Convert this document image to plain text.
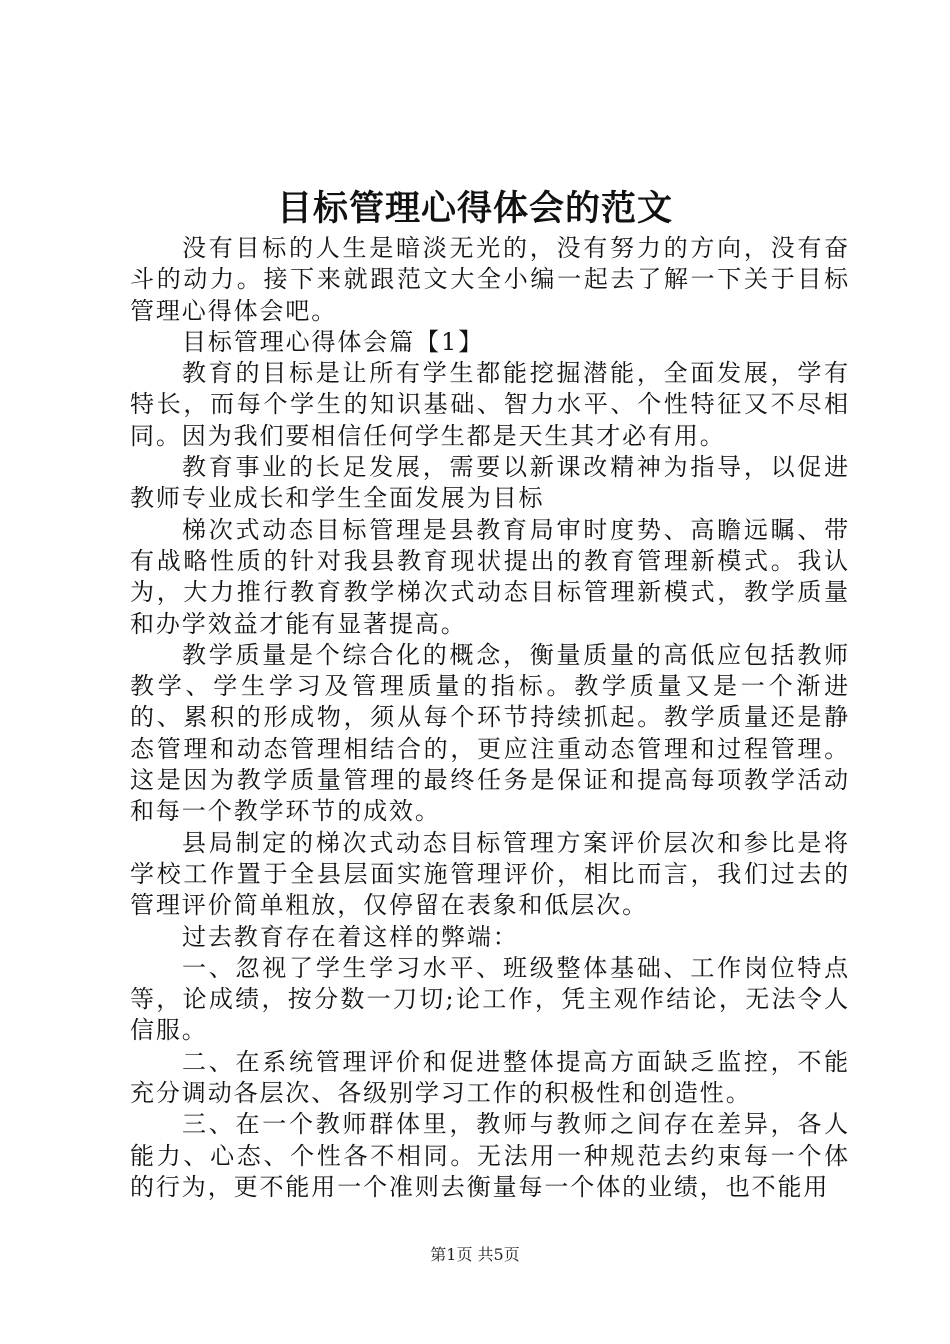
目标管理心得体会的范文

没有目标的人生是暗淡无光的，没有努力的方向，没有奋斗的动力。接下来就跟范文大全小编一起去了解一下关于目标管理心得体会吧。

目标管理心得体会篇【1】

教育的目标是让所有学生都能挖掘潜能，全面发展，学有特长，而每个学生的知识基础、智力水平、个性特征又不尽相同。因为我们要相信任何学生都是天生其才必有用。

教育事业的长足发展，需要以新课改精神为指导，以促进教师专业成长和学生全面发展为目标

梯次式动态目标管理是县教育局审时度势、高瞻远瞩、带有战略性质的针对我县教育现状提出的教育管理新模式。我认为，大力推行教育教学梯次式动态目标管理新模式，教学质量和办学效益才能有显著提高。

教学质量是个综合化的概念，衡量质量的高低应包括教师教学、学生学习及管理质量的指标。教学质量又是一个渐进的、累积的形成物，须从每个环节持续抓起。教学质量还是静态管理和动态管理相结合的，更应注重动态管理和过程管理。这是因为教学质量管理的最终任务是保证和提高每项教学活动和每一个教学环节的成效。

县局制定的梯次式动态目标管理方案评价层次和参比是将学校工作置于全县层面实施管理评价，相比而言，我们过去的管理评价简单粗放，仅停留在表象和低层次。

过去教育存在着这样的弊端：

一、忽视了学生学习水平、班级整体基础、工作岗位特点等，论成绩，按分数一刀切;论工作，凭主观作结论，无法令人信服。

二、在系统管理评价和促进整体提高方面缺乏监控，不能充分调动各层次、各级别学习工作的积极性和创造性。

三、在一个教师群体里，教师与教师之间存在差异，各人能力、心态、个性各不相同。无法用一种规范去约束每一个体的行为，更不能用一个准则去衡量每一个体的业绩，也不能用

第1页 共5页
